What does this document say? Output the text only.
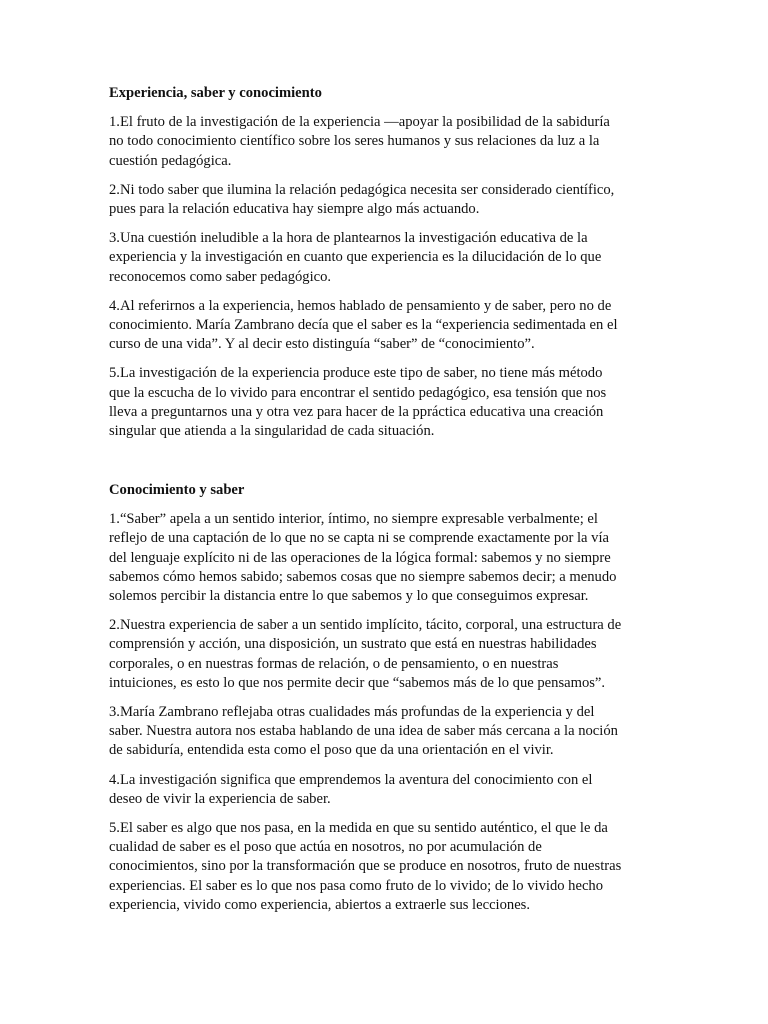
Experiencia, saber y conocimiento
1.El fruto de la investigación de la experiencia —apoyar la posibilidad de la sabiduría
no todo conocimiento científico sobre los seres humanos y sus relaciones da luz a la
cuestión pedagógica.
2.Ni todo saber que ilumina la relación pedagógica necesita ser considerado científico,
pues para la relación educativa hay siempre algo más actuando.
3.Una cuestión ineludible a la hora de plantearnos la investigación educativa de la
experiencia y la investigación en cuanto que experiencia es la dilucidación de lo que
reconocemos como saber pedagógico.
4.Al referirnos a la experiencia, hemos hablado de pensamiento y de saber, pero no de
conocimiento. María Zambrano decía que el saber es la “experiencia sedimentada en el
curso de una vida”. Y al decir esto distinguía “saber” de “conocimiento”.
5.La investigación de la experiencia produce este tipo de saber, no tiene más método
que la escucha de lo vivido para encontrar el sentido pedagógico, esa tensión que nos
lleva a preguntarnos una y otra vez para hacer de la ppráctica educativa una creación
singular que atienda a la singularidad de cada situación.
Conocimiento y saber
1.“Saber” apela a un sentido interior, íntimo, no siempre expresable verbalmente; el
reflejo de una captación de lo que no se capta ni se comprende exactamente por la vía
del lenguaje explícito ni de las operaciones de la lógica formal: sabemos y no siempre
sabemos cómo hemos sabido; sabemos cosas que no siempre sabemos decir; a menudo
solemos percibir la distancia entre lo que sabemos y lo que conseguimos expresar.
2.Nuestra experiencia de saber a un sentido implícito, tácito, corporal, una estructura de
comprensión y acción, una disposición, un sustrato que está en nuestras habilidades
corporales, o en nuestras formas de relación, o de pensamiento, o en nuestras
intuiciones, es esto lo que nos permite decir que “sabemos más de lo que pensamos”.
3.María Zambrano reflejaba otras cualidades más profundas de la experiencia y del
saber. Nuestra autora nos estaba hablando de una idea de saber más cercana a la noción
de sabiduría, entendida esta como el poso que da una orientación en el vivir.
4.La investigación significa que emprendemos la aventura del conocimiento con el
deseo de vivir la experiencia de saber.
5.El saber es algo que nos pasa, en la medida en que su sentido auténtico, el que le da
cualidad de saber es el poso que actúa en nosotros, no por acumulación de
conocimientos, sino por la transformación que se produce en nosotros, fruto de nuestras
experiencias. El saber es lo que nos pasa como fruto de lo vivido; de lo vivido hecho
experiencia, vivido como experiencia, abiertos a extraerle sus lecciones.
